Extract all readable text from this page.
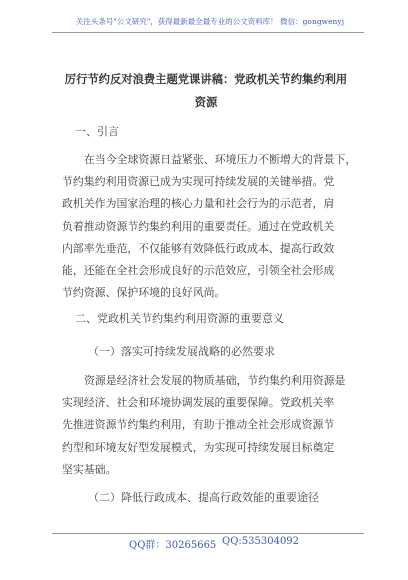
关注头条号"公文研究"，获得最新最全最专业的公文资料库！ 微信：gongwenyj
厉行节约反对浪费主题党课讲稿：党政机关节约集约利用
资源
一、引言
在当今全球资源日益紧张、环境压力不断增大的背景下，
节约集约利用资源已成为实现可持续发展的关键举措。党
政机关作为国家治理的核心力量和社会行为的示范者，肩
负着推动资源节约集约利用的重要责任。通过在党政机关
内部率先垂范，不仅能够有效降低行政成本、提高行政效
能，还能在全社会形成良好的示范效应，引领全社会形成
节约资源、保护环境的良好风尚。
二、党政机关节约集约利用资源的重要意义
（一）落实可持续发展战略的必然要求
资源是经济社会发展的物质基础，节约集约利用资源是
实现经济、社会和环境协调发展的重要保障。党政机关率
先推进资源节约集约利用，有助于推动全社会形成资源节
约型和环境友好型发展模式，为实现可持续发展目标奠定
坚实基础。
（二）降低行政成本、提高行政效能的重要途径
QQ群：30265665 QQ:535304092
